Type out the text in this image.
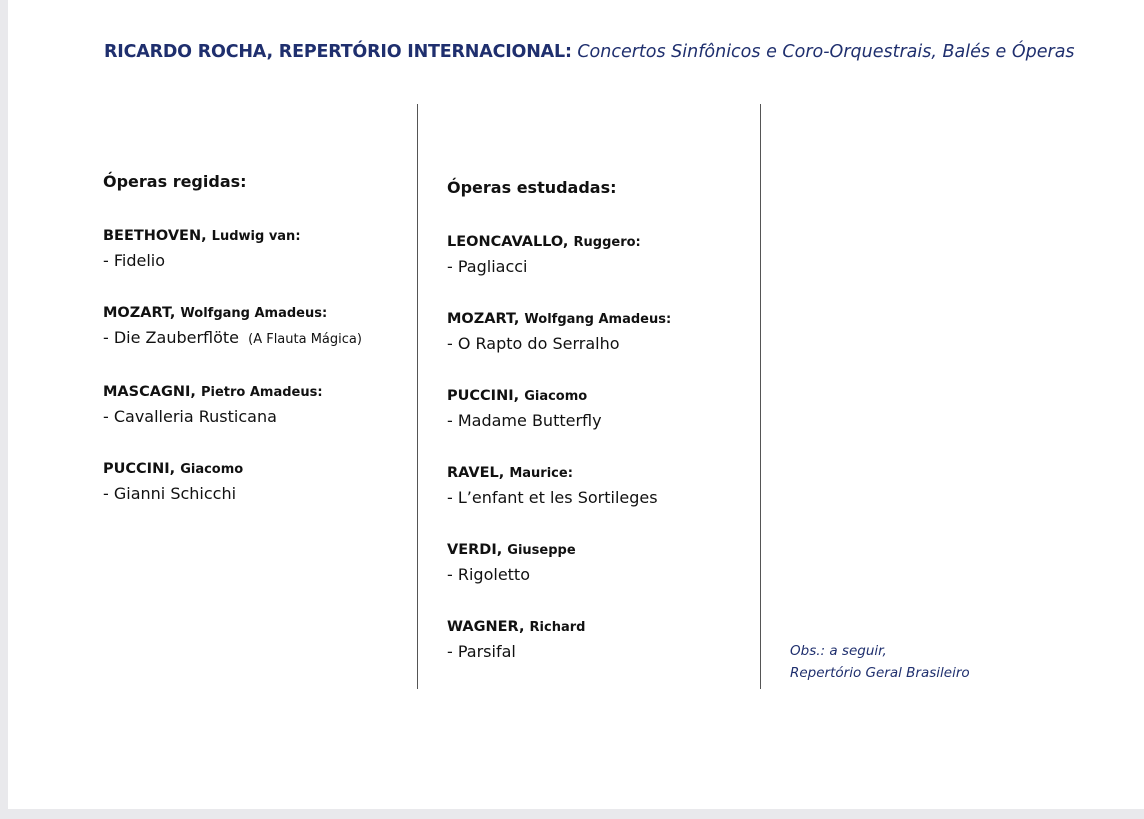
RICARDO ROCHA, REPERTÓRIO INTERNACIONAL: Concertos Sinfônicos e Coro-Orquestrais, Balés e Óperas
Óperas regidas:
BEETHOVEN, Ludwig van:
- Fidelio
MOZART, Wolfgang Amadeus:
- Die Zauberflöte (A Flauta Mágica)
MASCAGNI, Pietro Amadeus:
- Cavalleria Rusticana
PUCCINI, Giacomo
- Gianni Schicchi
Óperas estudadas:
LEONCAVALLO, Ruggero:
- Pagliacci
MOZART, Wolfgang Amadeus:
- O Rapto do Serralho
PUCCINI, Giacomo
- Madame Butterfly
RAVEL, Maurice:
- L’enfant et les Sortileges
VERDI, Giuseppe
- Rigoletto
WAGNER, Richard
- Parsifal	Obs.: a seguir,
Repertório Geral Brasileiro
